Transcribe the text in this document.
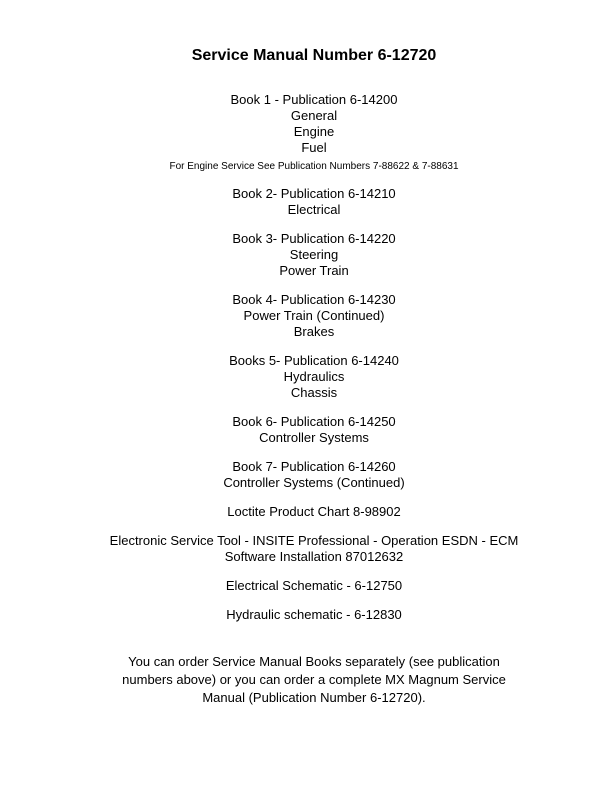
Service Manual Number 6-12720
Book 1 - Publication 6-14200
General
Engine
Fuel
For Engine Service See Publication Numbers 7-88622 & 7-88631
Book 2- Publication 6-14210
Electrical
Book 3- Publication 6-14220
Steering
Power Train
Book 4- Publication 6-14230
Power Train (Continued)
Brakes
Books 5- Publication 6-14240
Hydraulics
Chassis
Book 6- Publication 6-14250
Controller Systems
Book 7- Publication 6-14260
Controller Systems (Continued)
Loctite Product Chart 8-98902
Electronic Service Tool - INSITE Professional - Operation ESDN - ECM
Software Installation 87012632
Electrical Schematic - 6-12750
Hydraulic schematic - 6-12830
You can order Service Manual Books separately (see publication
numbers above) or you can order a complete MX Magnum Service
Manual (Publication Number 6-12720).
